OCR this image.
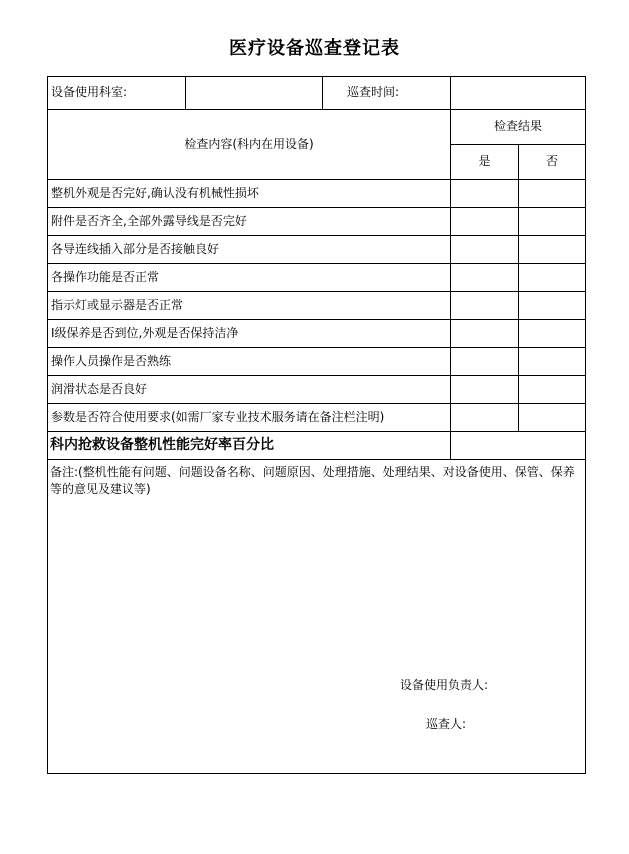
医疗设备巡查登记表
设备使用科室:		巡查时间:		
检查内容(科内在用设备)			检查结果	
			是	否
整机外观是否完好,确认没有机械性损坏				
附件是否齐全,全部外露导线是否完好				
各导连线插入部分是否接触良好				
各操作功能是否正常				
指示灯或显示器是否正常				
I级保养是否到位,外观是否保持洁净				
操作人员操作是否熟练				
润滑状态是否良好				
参数是否符合使用要求(如需厂家专业技术服务请在备注栏注明)				
科内抢救设备整机性能完好率百分比				

备注:(整机性能有问题、问题设备名称、问题原因、处理措施、处理结果、对设备使用、保管、保养等的意见及建议等)
设备使用负责人:
巡查人:				
